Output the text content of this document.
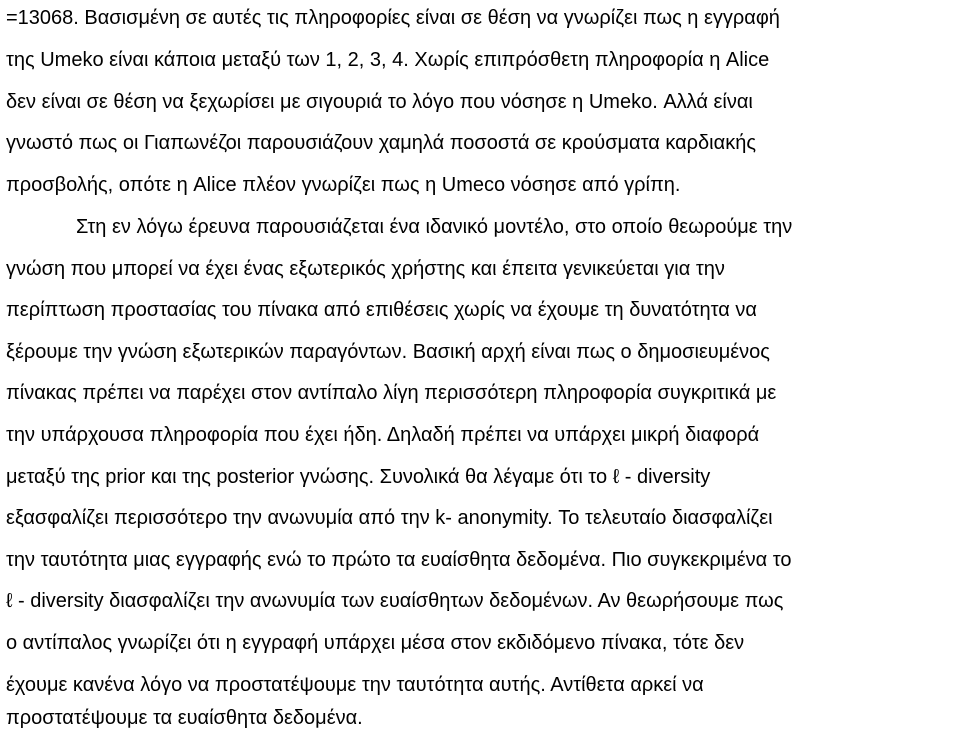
=13068. Βασισμένη σε αυτές τις πληροφορίες είναι σε θέση να γνωρίζει πως η εγγραφή
της Umeko είναι κάποια μεταξύ των 1, 2, 3, 4. Χωρίς επιπρόσθετη πληροφορία η Alice
δεν είναι σε θέση να ξεχωρίσει με σιγουριά το λόγο που νόσησε η Umeko. Αλλά είναι
γνωστό πως οι Γιαπωνέζοι παρουσιάζουν χαμηλά ποσοστά σε κρούσματα καρδιακής
προσβολής, οπότε η Alice πλέον γνωρίζει πως η Umeco νόσησε από γρίπη.
Στη εν λόγω έρευνα παρουσιάζεται ένα ιδανικό μοντέλο, στο οποίο θεωρούμε την
γνώση που μπορεί να έχει ένας εξωτερικός χρήστης και έπειτα γενικεύεται για την
περίπτωση προστασίας του πίνακα από επιθέσεις χωρίς να έχουμε τη δυνατότητα να
ξέρουμε την γνώση εξωτερικών παραγόντων. Βασική αρχή είναι πως ο δημοσιευμένος
πίνακας πρέπει να παρέχει στον αντίπαλο λίγη περισσότερη πληροφορία συγκριτικά με
την υπάρχουσα πληροφορία που έχει ήδη. Δηλαδή πρέπει να υπάρχει μικρή διαφορά
μεταξύ της prior και της posterior γνώσης. Συνολικά θα λέγαμε ότι το ℓ - diversity
εξασφαλίζει περισσότερο την ανωνυμία από την k- anonymity. Το τελευταίο διασφαλίζει
την ταυτότητα μιας εγγραφής ενώ το πρώτο τα ευαίσθητα δεδομένα. Πιο συγκεκριμένα το
ℓ - diversity διασφαλίζει την ανωνυμία των ευαίσθητων δεδομένων. Αν θεωρήσουμε πως
ο αντίπαλος γνωρίζει ότι η εγγραφή υπάρχει μέσα στον εκδιδόμενο πίνακα, τότε δεν
έχουμε κανένα λόγο να προστατέψουμε την ταυτότητα αυτής. Αντίθετα αρκεί να
προστατέψουμε τα ευαίσθητα δεδομένα.
